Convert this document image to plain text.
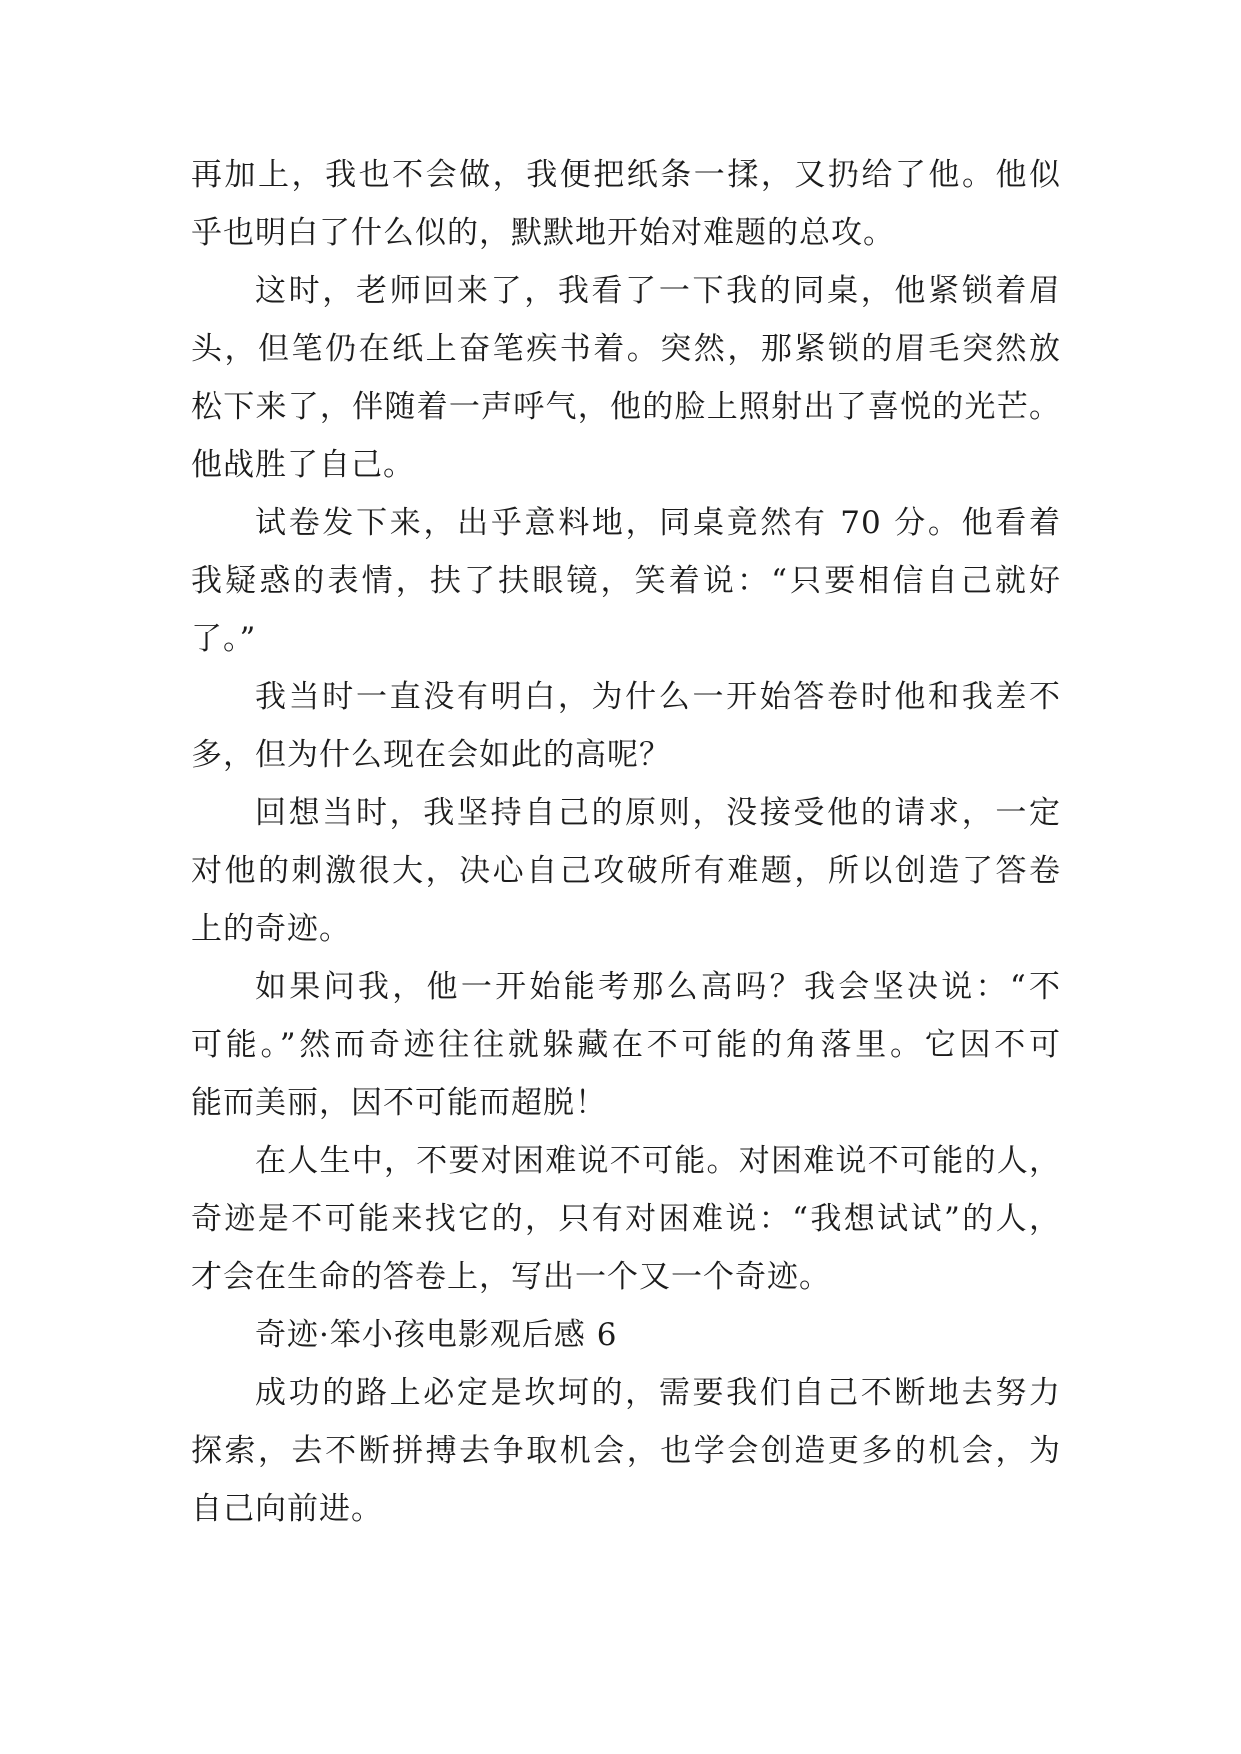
再加上，我也不会做，我便把纸条一揉，又扔给了他。他似
乎也明白了什么似的，默默地开始对难题的总攻。
这时，老师回来了，我看了一下我的同桌，他紧锁着眉
头，但笔仍在纸上奋笔疾书着。突然，那紧锁的眉毛突然放
松下来了，伴随着一声呼气，他的脸上照射出了喜悦的光芒。
他战胜了自己。
试卷发下来，出乎意料地，同桌竟然有 70 分。他看着
我疑惑的表情，扶了扶眼镜，笑着说：“只要相信自己就好
了。”
我当时一直没有明白，为什么一开始答卷时他和我差不
多，但为什么现在会如此的高呢？
回想当时，我坚持自己的原则，没接受他的请求，一定
对他的刺激很大，决心自己攻破所有难题，所以创造了答卷
上的奇迹。
如果问我，他一开始能考那么高吗？我会坚决说：“不
可能。”然而奇迹往往就躲藏在不可能的角落里。它因不可
能而美丽，因不可能而超脱！
在人生中，不要对困难说不可能。对困难说不可能的人，
奇迹是不可能来找它的，只有对困难说：“我想试试”的人，
才会在生命的答卷上，写出一个又一个奇迹。
奇迹·笨小孩电影观后感 6
成功的路上必定是坎坷的，需要我们自己不断地去努力
探索，去不断拼搏去争取机会，也学会创造更多的机会，为
自己向前进。
